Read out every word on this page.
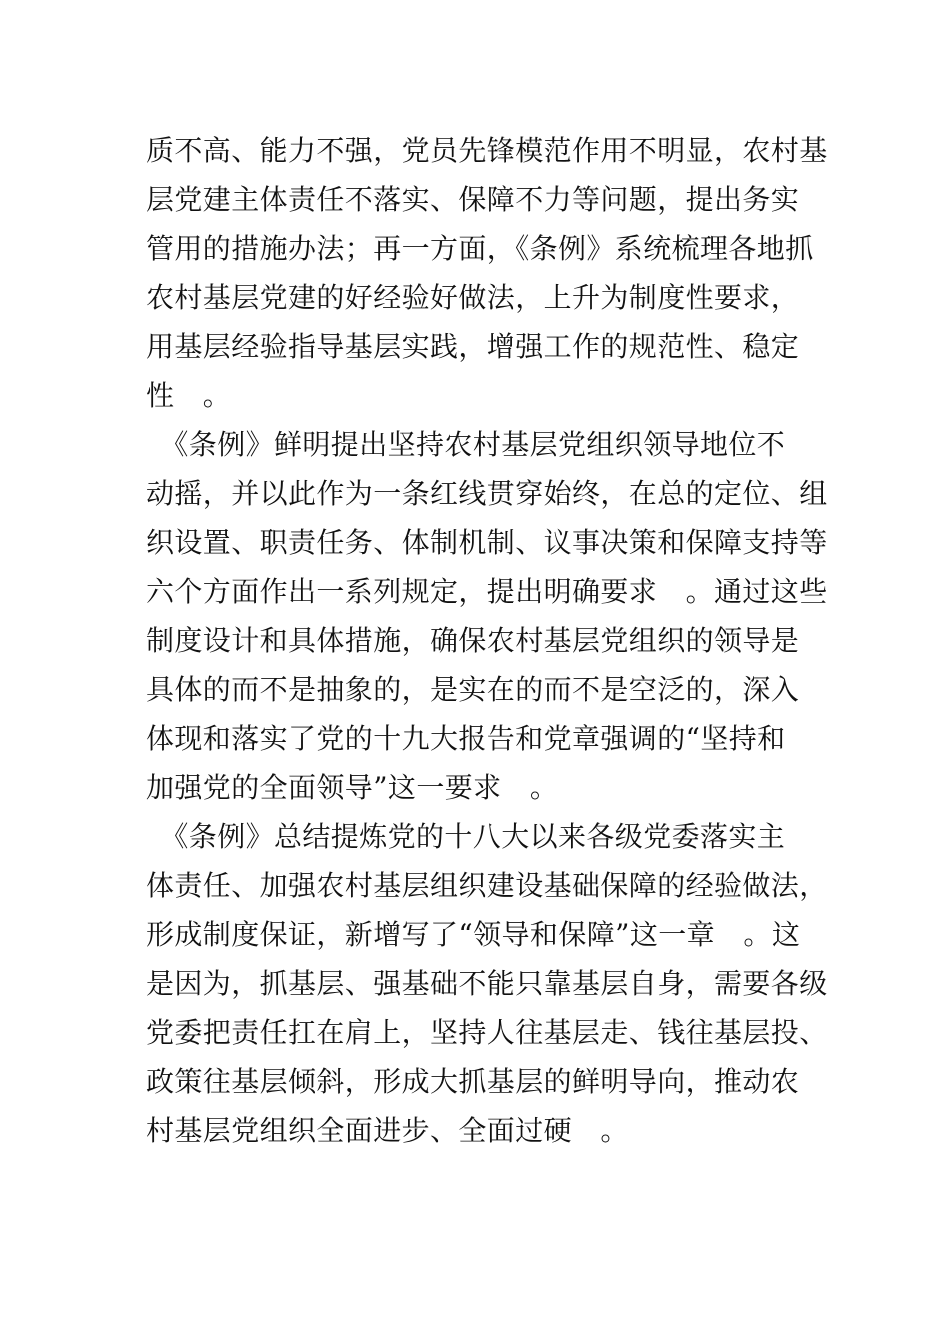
质不高、能力不强，党员先锋模范作用不明显，农村基
层党建主体责任不落实、保障不力等问题，提出务实
管用的措施办法；再一方面，《条例》系统梳理各地抓
农村基层党建的好经验好做法，上升为制度性要求，
用基层经验指导基层实践，增强工作的规范性、稳定
性　。
　《条例》鲜明提出坚持农村基层党组织领导地位不
动摇，并以此作为一条红线贯穿始终，在总的定位、组
织设置、职责任务、体制机制、议事决策和保障支持等
六个方面作出一系列规定，提出明确要求　。通过这些
制度设计和具体措施，确保农村基层党组织的领导是
具体的而不是抽象的，是实在的而不是空泛的，深入
体现和落实了党的十九大报告和党章强调的“坚持和
加强党的全面领导”这一要求　。
　《条例》总结提炼党的十八大以来各级党委落实主
体责任、加强农村基层组织建设基础保障的经验做法，
形成制度保证，新增写了“领导和保障”这一章　。这
是因为，抓基层、强基础不能只靠基层自身，需要各级
党委把责任扛在肩上，坚持人往基层走、钱往基层投、
政策往基层倾斜，形成大抓基层的鲜明导向，推动农
村基层党组织全面进步、全面过硬　。
